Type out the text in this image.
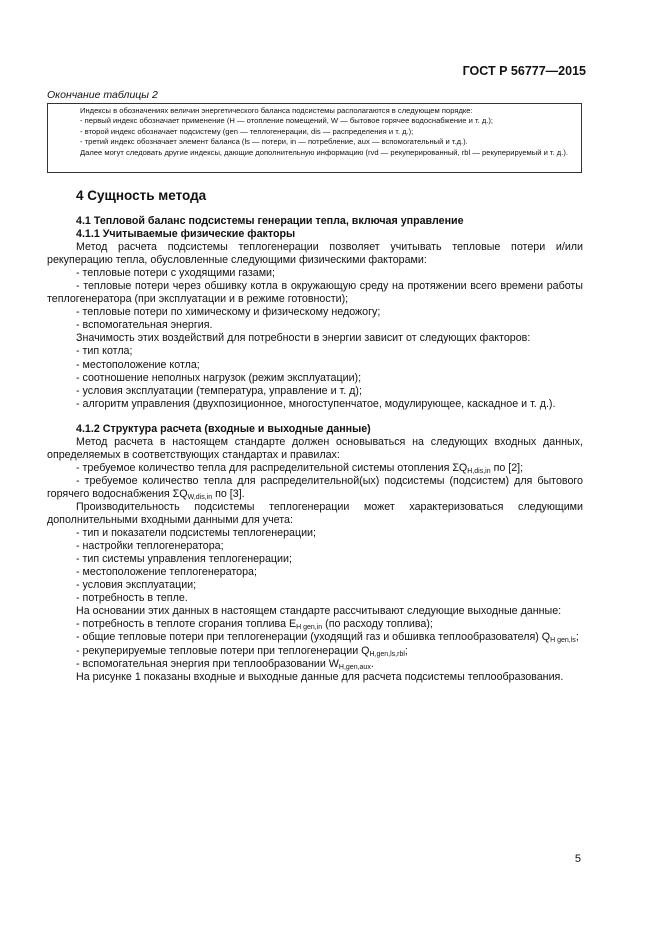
ГОСТ Р 56777—2015
Окончание таблицы 2

Индексы в обозначениях величин энергетического баланса подсистемы располагаются в следующем порядке:

- первый индекс обозначает применение (H — отопление помещений, W — бытовое горячее водоснабжение и т. д.);

- второй индекс обозначает подсистему (gen — теплогенерации, dis — распределения и т. д.);

- третий индекс обозначает элемент баланса (ls — потери, in — потребление, aux — вспомогательный и т.д.).

Далее могут следовать другие индексы, дающие дополнительную информацию (rvd — рекуперированный, rbl — рекуперируемый и т. д.).

4 Сущность метода

4.1 Тепловой баланс подсистемы генерации тепла, включая управление

4.1.1 Учитываемые физические факторы

Метод расчета подсистемы теплогенерации позволяет учитывать тепловые потери и/или рекуперацию тепла, обусловленные следующими физическими факторами:

- тепловые потери с уходящими газами;

- тепловые потери через обшивку котла в окружающую среду на протяжении всего времени работы теплогенератора (при эксплуатации и в режиме готовности);

- тепловые потери по химическому и физическому недожогу;

- вспомогательная энергия.

Значимость этих воздействий для потребности в энергии зависит от следующих факторов:

- тип котла;

- местоположение котла;

- соотношение неполных нагрузок (режим эксплуатации);

- условия эксплуатации (температура, управление и т. д);

- алгоритм управления (двухпозиционное, многоступенчатое, модулирующее, каскадное и т. д.).

4.1.2 Структура расчета (входные и выходные данные)

Метод расчета в настоящем стандарте должен основываться на следующих входных данных, определяемых в соответствующих стандартах и правилах:

- требуемое количество тепла для распределительной системы отопления $\Sigma Q_{H,dis,in}$ по [2];

- требуемое количество тепла для распределительной(ых) подсистемы (подсистем) для бытового горячего водоснабжения $\Sigma Q_{W,dis,in}$ по [3].

Производительность подсистемы теплогенерации может характеризоваться следующими дополнительными входными данными для учета:

- тип и показатели подсистемы теплогенерации;

- настройки теплогенератора;

- тип системы управления теплогенерации;

- местоположение теплогенератора;

- условия эксплуатации;

- потребность в тепле.

На основании этих данных в настоящем стандарте рассчитывают следующие выходные данные:

- потребность в теплоте сгорания топлива $E_{H gen,in}$ (по расходу топлива);

- общие тепловые потери при теплогенерации (уходящий газ и обшивка теплообразователя) $Q_{H gen,ls}$;

- рекуперируемые тепловые потери при теплогенерации $Q_{H,gen,ls,rbl}$;

- вспомогательная энергия при теплообразовании $W_{H,gen,aux}$.

На рисунке 1 показаны входные и выходные данные для расчета подсистемы теплообразования.

5
